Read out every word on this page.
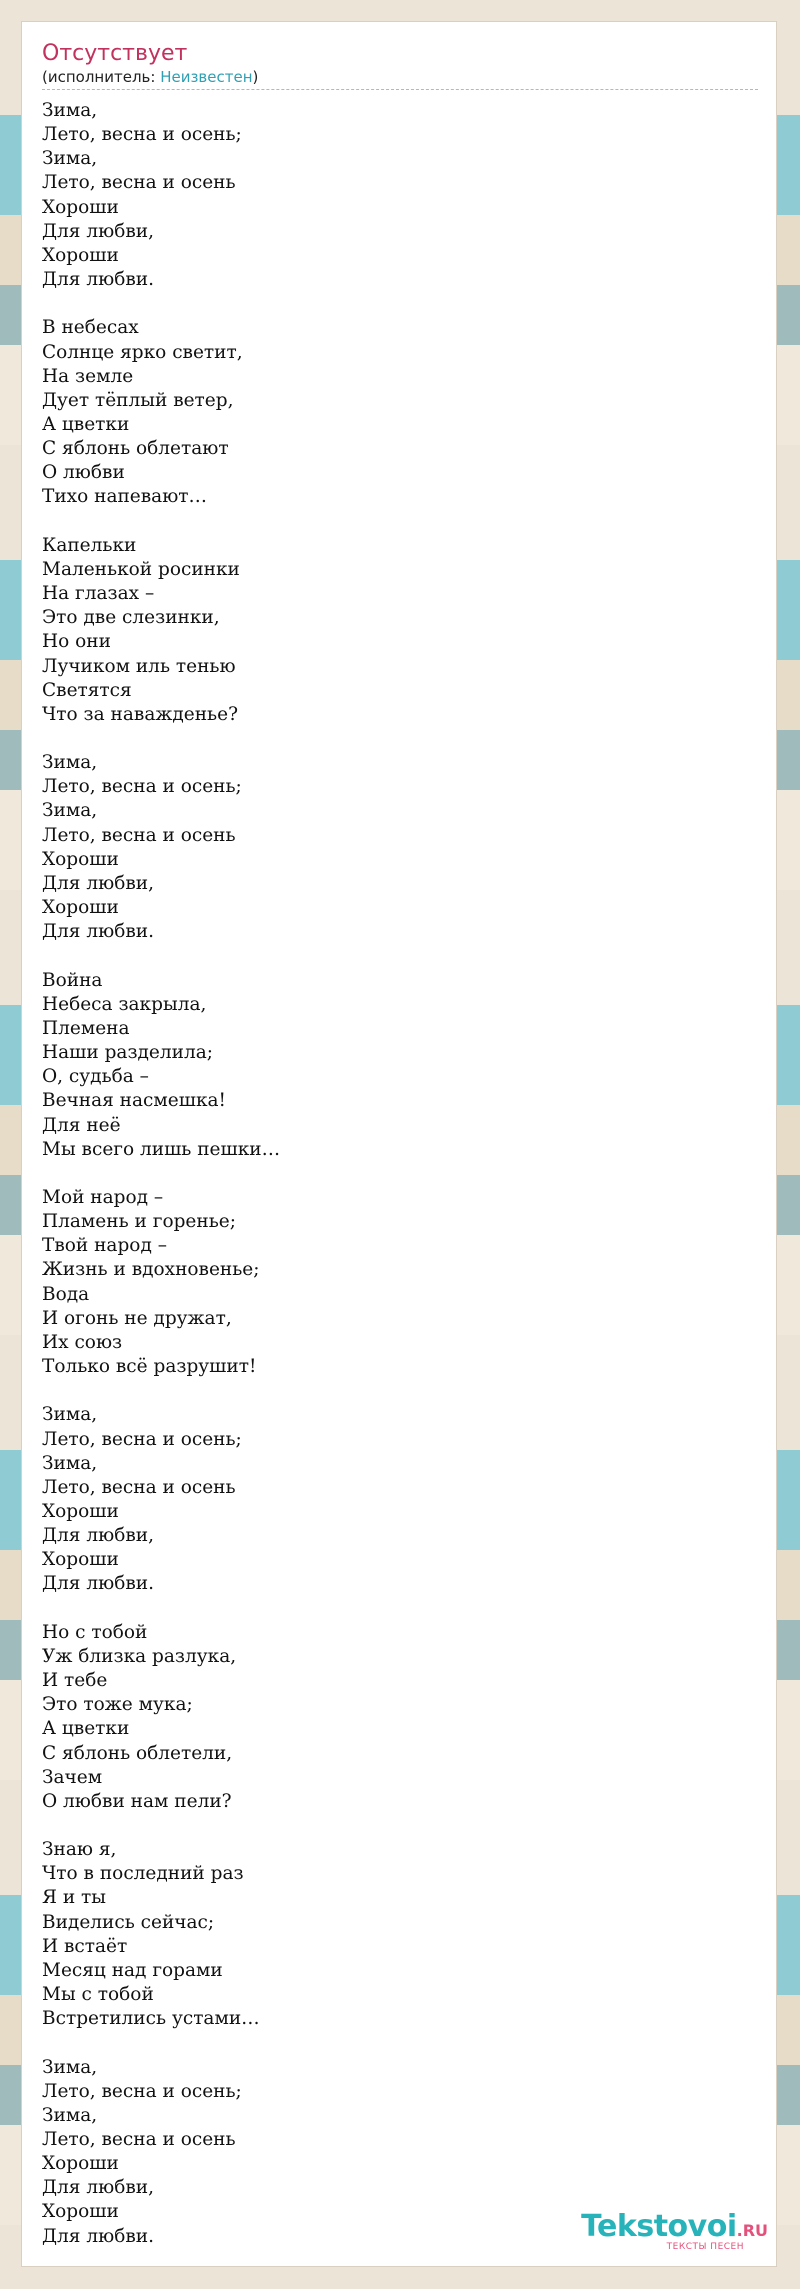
Отсутствует
(исполнитель: Неизвестен)
Зима,
Лето, весна и осень;
Зима,
Лето, весна и осень
Хороши
Для любви,
Хороши
Для любви.
В небесах
Солнце ярко светит,
На земле
Дует тёплый ветер,
А цветки
С яблонь облетают
О любви
Тихо напевают…
Капельки
Маленькой росинки
На глазах –
Это две слезинки,
Но они
Лучиком иль тенью
Светятся
Что за наважденье?
Зима,
Лето, весна и осень;
Зима,
Лето, весна и осень
Хороши
Для любви,
Хороши
Для любви.
Война
Небеса закрыла,
Племена
Наши разделила;
О, судьба –
Вечная насмешка!
Для неё
Мы всего лишь пешки…
Мой народ –
Пламень и горенье;
Твой народ –
Жизнь и вдохновенье;
Вода
И огонь не дружат,
Их союз
Только всё разрушит!
Зима,
Лето, весна и осень;
Зима,
Лето, весна и осень
Хороши
Для любви,
Хороши
Для любви.
Но с тобой
Уж близка разлука,
И тебе
Это тоже мука;
А цветки
С яблонь облетели,
Зачем
О любви нам пели?
Знаю я,
Что в последний раз
Я и ты
Виделись сейчас;
И встаёт
Месяц над горами
Мы с тобой
Встретились устами…
Зима,
Лето, весна и осень;
Зима,
Лето, весна и осень
Хороши
Для любви,
Хороши
Для любви.	Tekstovoi.RU
ТЕКСТЫ ПЕСЕН
